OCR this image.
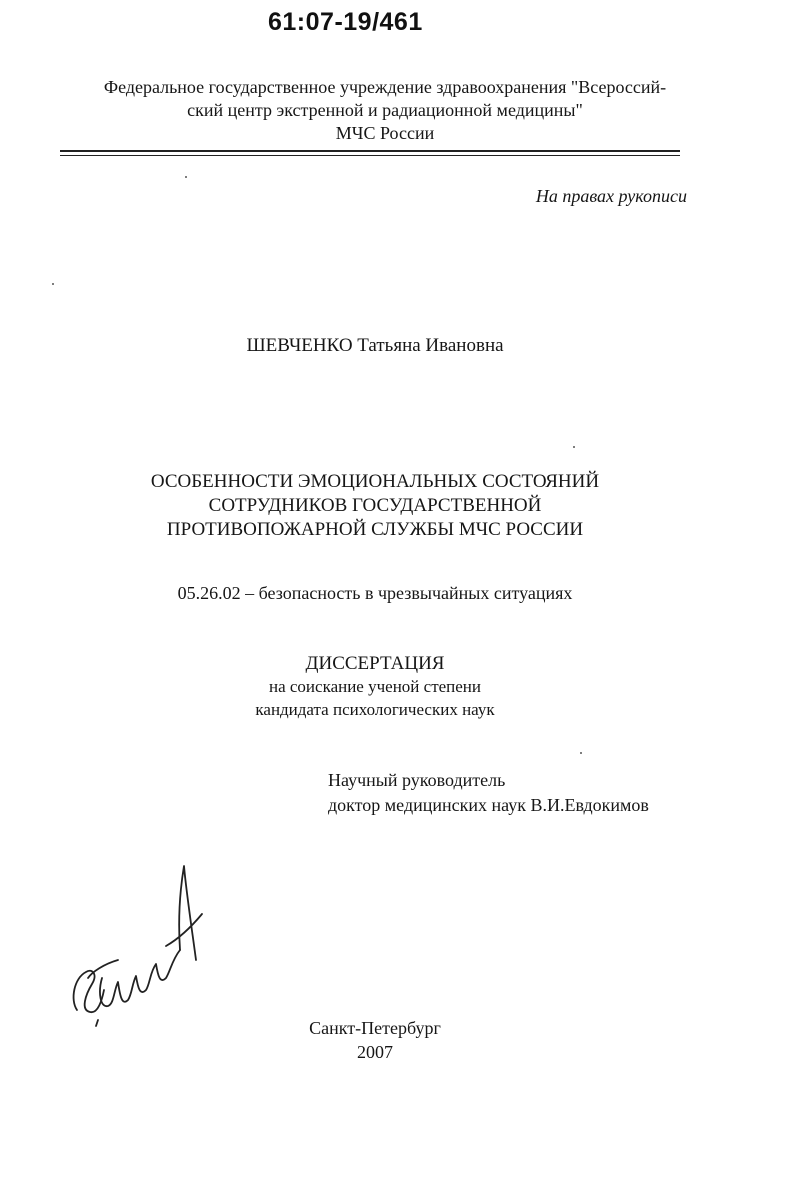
61:07-19/461
Федеральное государственное учреждение здравоохранения "Всероссий-
ский центр экстренной и радиационной медицины"
МЧС России
На правах рукописи
ШЕВЧЕНКО Татьяна Ивановна
ОСОБЕННОСТИ ЭМОЦИОНАЛЬНЫХ СОСТОЯНИЙ
СОТРУДНИКОВ ГОСУДАРСТВЕННОЙ
ПРОТИВОПОЖАРНОЙ СЛУЖБЫ МЧС РОССИИ
05.26.02 – безопасность в чрезвычайных ситуациях
ДИССЕРТАЦИЯ
на соискание ученой степени
кандидата психологических наук
Научный руководитель
доктор медицинских наук В.И.Евдокимов
Санкт-Петербург
2007
